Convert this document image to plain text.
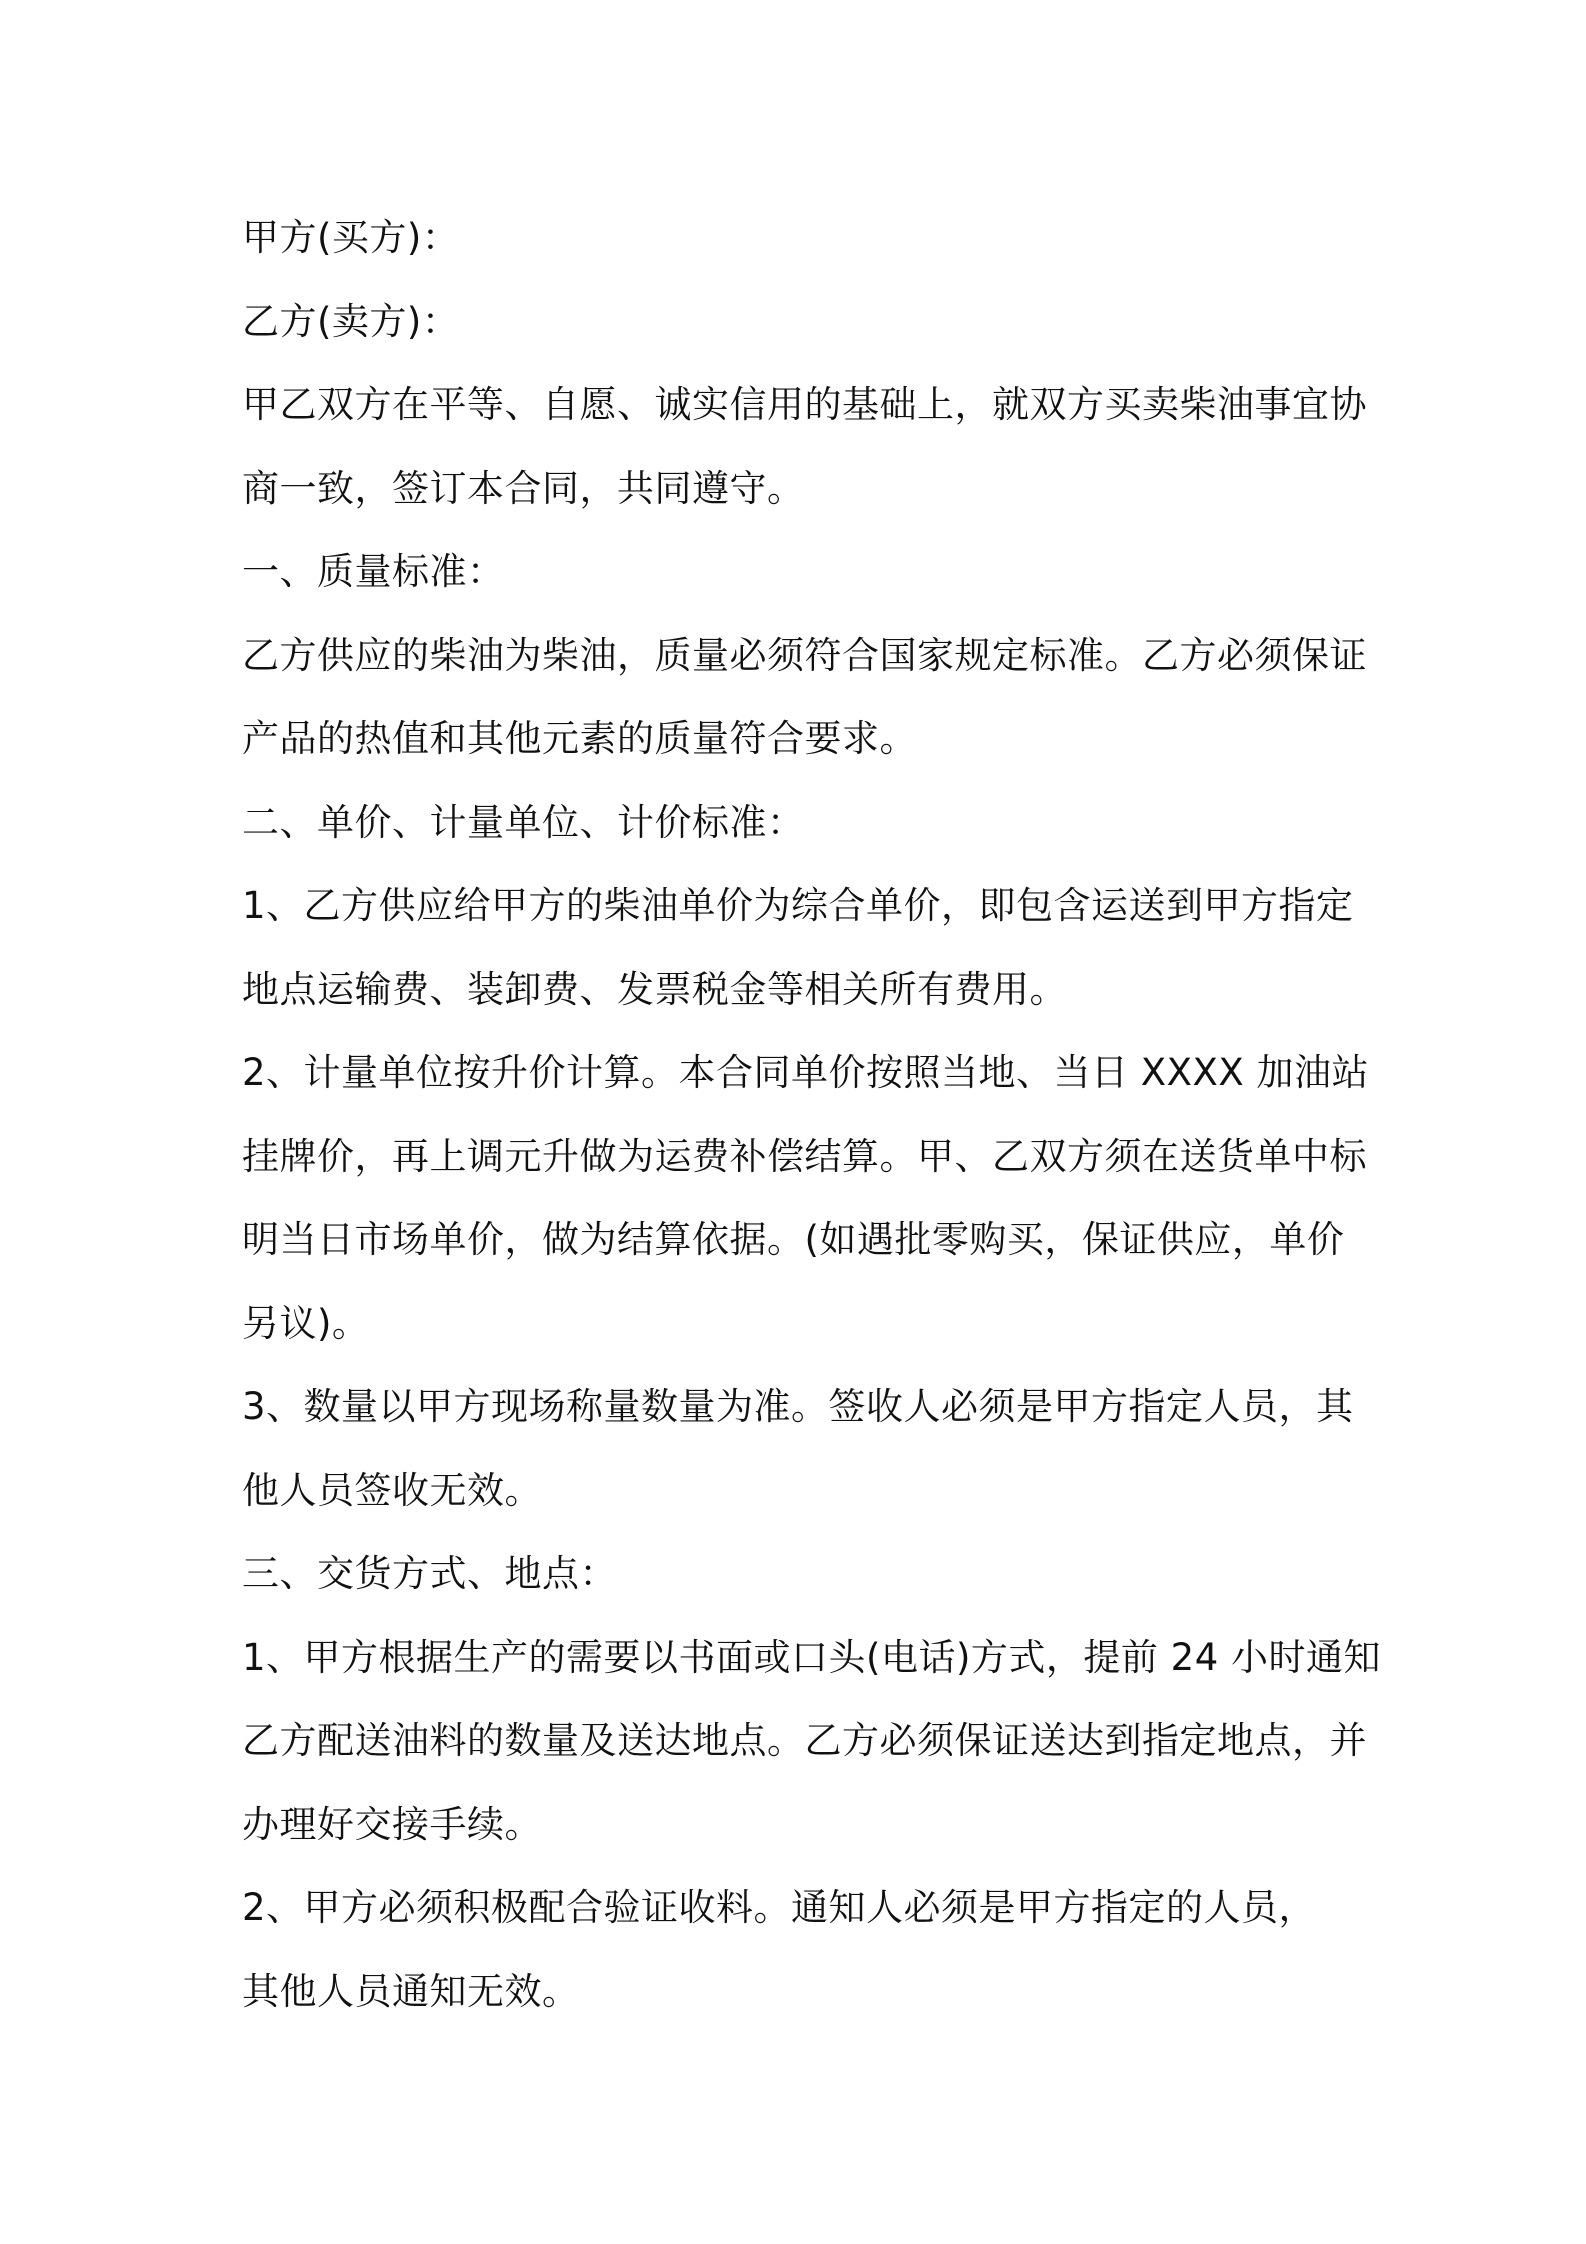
甲方(买方)：
乙方(卖方)：
甲乙双方在平等、自愿、诚实信用的基础上，就双方买卖柴油事宜协
商一致，签订本合同，共同遵守。
一、质量标准：
乙方供应的柴油为柴油，质量必须符合国家规定标准。乙方必须保证
产品的热值和其他元素的质量符合要求。
二、单价、计量单位、计价标准：
1、乙方供应给甲方的柴油单价为综合单价，即包含运送到甲方指定
地点运输费、装卸费、发票税金等相关所有费用。
2、计量单位按升价计算。本合同单价按照当地、当日 XXXX 加油站
挂牌价，再上调元升做为运费补偿结算。甲、乙双方须在送货单中标
明当日市场单价，做为结算依据。(如遇批零购买，保证供应，单价
另议)。
3、数量以甲方现场称量数量为准。签收人必须是甲方指定人员，其
他人员签收无效。
三、交货方式、地点：
1、甲方根据生产的需要以书面或口头(电话)方式，提前 24 小时通知
乙方配送油料的数量及送达地点。乙方必须保证送达到指定地点，并
办理好交接手续。
2、甲方必须积极配合验证收料。通知人必须是甲方指定的人员，
其他人员通知无效。
